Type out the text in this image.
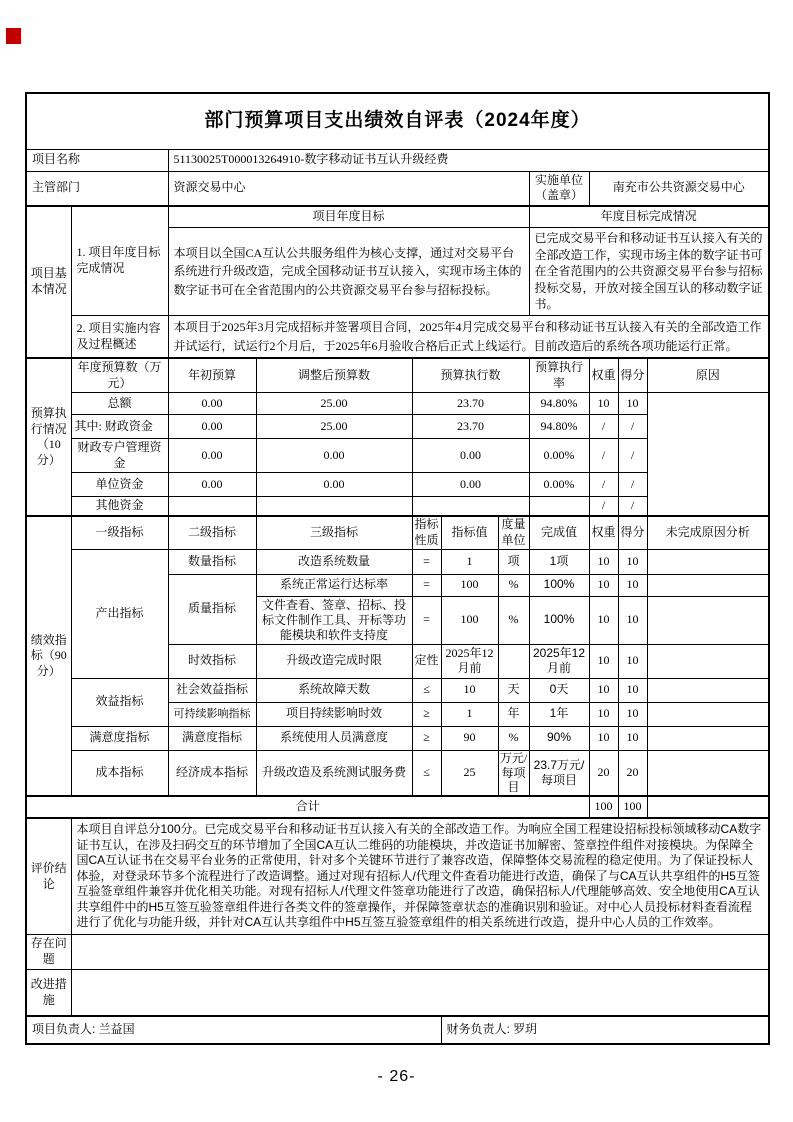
部门预算项目支出绩效自评表（2024年度）										
项目名称		51130025T000013264910-数字移动证书互认升级经费								
主管部门		资源交易中心					实施单位（盖章）	南充市公共资源交易中心		
项目基本情况	1. 项目年度目标完成情况	项目年度目标					年度目标完成情况			
		本项目以全国CA互认公共服务组件为核心支撑，通过对交易平台系统进行升级改造，完成全国移动证书互认接入，实现市场主体的数字证书可在全省范围内的公共资源交易平台参与招标投标。					已完成交易平台和移动证书互认接入有关的全部改造工作，实现市场主体的数字证书可在全省范围内的公共资源交易平台参与招标投标交易，开放对接全国互认的移动数字证书。			
	2. 项目实施内容及过程概述	本项目于2025年3月完成招标并签署项目合同，2025年4月完成交易平台和移动证书互认接入有关的全部改造工作并试运行，试运行2个月后，于2025年6月验收合格后正式上线运行。目前改造后的系统各项功能运行正常。								
预算执行情况（10分）	年度预算数（万元）	年初预算	调整后预算数	预算执行数			预算执行率	权重	得分	原因
	总额	0.00	25.00	23.70			94.80%	10	10	
	其中: 财政资金	0.00	25.00	23.70			94.80%	/	/	
	财政专户管理资金	0.00	0.00	0.00			0.00%	/	/	
	单位资金	0.00	0.00	0.00			0.00%	/	/	
	其他资金							/	/	
绩效指标（90分）	一级指标	二级指标	三级指标	指标性质	指标值	度量单位	完成值	权重	得分	未完成原因分析
	产出指标	数量指标	改造系统数量	=	1	项	1项	10	10	
		质量指标	系统正常运行达标率	=	100	%	100%	10	10	
			文件查看、签章、招标、投标文件制作工具、开标等功能模块和软件支持度	=	100	%	100%	10	10	
		时效指标	升级改造完成时限	定性	2025年12月前		2025年12月前	10	10	
	效益指标	社会效益指标	系统故障天数	≤	10	天	0天	10	10	
		可持续影响指标	项目持续影响时效	≥	1	年	1年	10	10	
	满意度指标	满意度指标	系统使用人员满意度	≥	90	%	90%	10	10	
	成本指标	经济成本指标	升级改造及系统测试服务费	≤	25	万元/每项目	23.7万元/每项目	20	20	
合计								100	100	
评价结论	本项目自评总分100分。已完成交易平台和移动证书互认接入有关的全部改造工作。为响应全国工程建设招标投标领域移动CA数字证书互认，在涉及扫码交互的环节增加了全国CA互认二维码的功能模块，并改造证书加解密、签章控件组件对接模块。为保障全国CA互认证书在交易平台业务的正常使用，针对多个关键环节进行了兼容改造，保障整体交易流程的稳定使用。为了保证投标人体验，对登录环节多个流程进行了改造调整。通过对现有招标人/代理文件查看功能进行改造，确保了与CA互认共享组件的H5互签互验签章组件兼容并优化相关功能。对现有招标人/代理文件签章功能进行了改造，确保招标人/代理能够高效、安全地使用CA互认共享组件中的H5互签互验签章组件进行各类文件的签章操作，并保障签章状态的准确识别和验证。对中心人员投标材料查看流程进行了优化与功能升级，并针对CA互认共享组件中H5互签互验签章组件的相关系统进行改造，提升中心人员的工作效率。									
存在问题										
改进措施										
项目负责人: 兰益国					财务负责人: 罗玥					
- 26-
